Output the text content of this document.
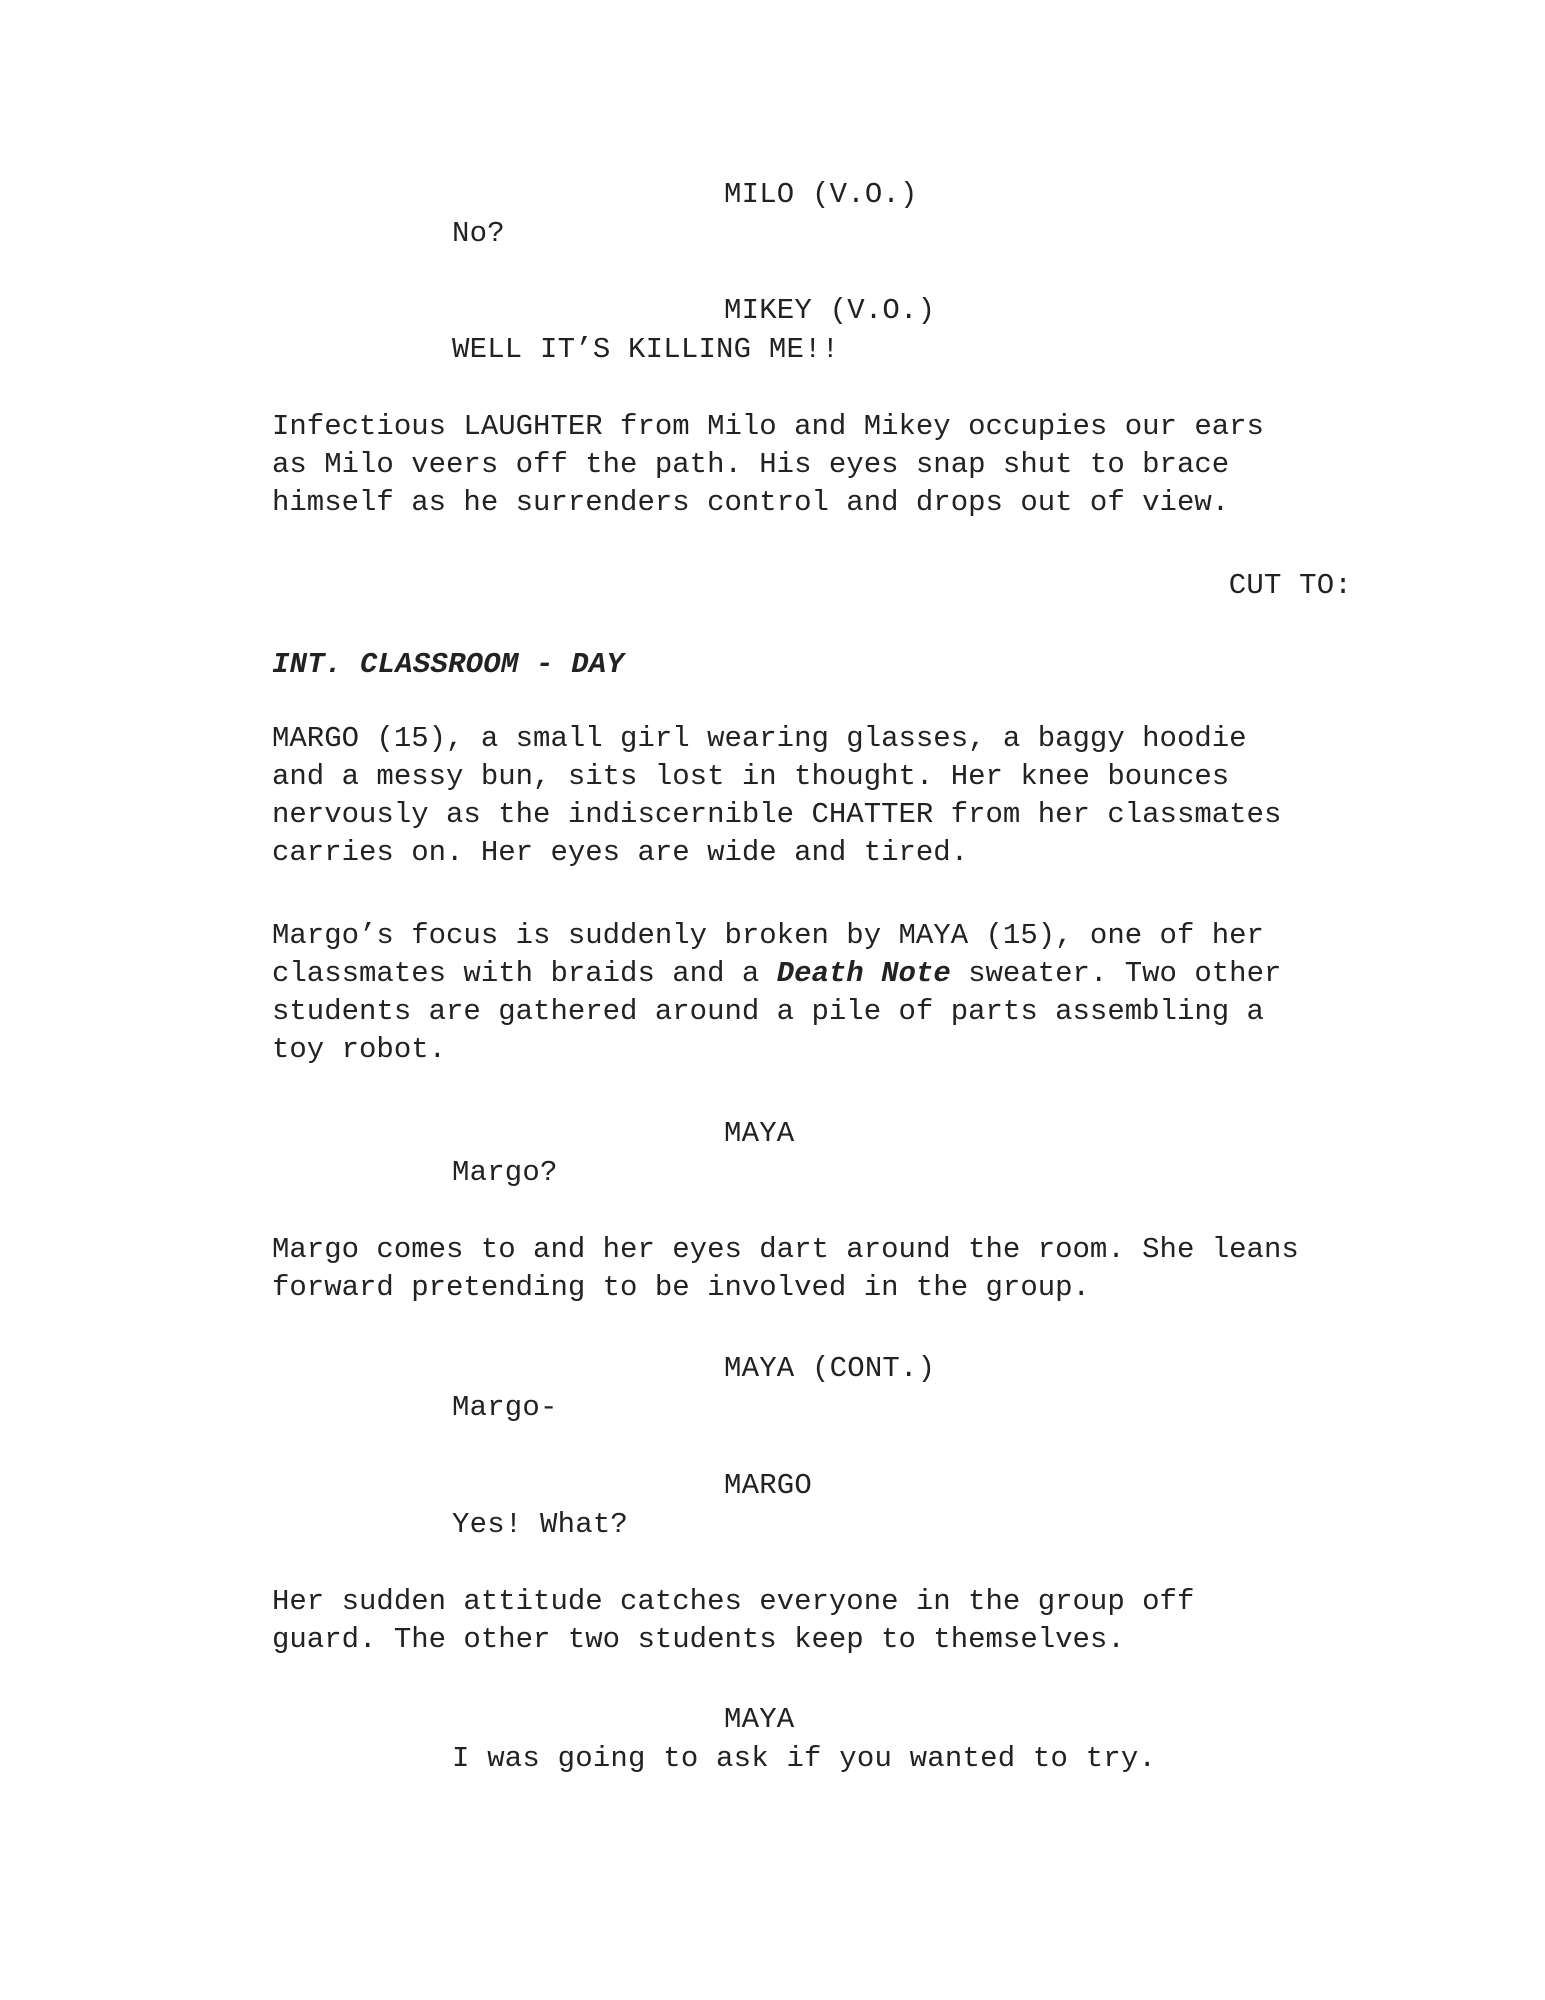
MILO (V.O.)
No?
MIKEY (V.O.)
WELL IT’S KILLING ME!!
Infectious LAUGHTER from Milo and Mikey occupies our ears
as Milo veers off the path. His eyes snap shut to brace
himself as he surrenders control and drops out of view.
CUT TO:
INT. CLASSROOM - DAY
MARGO (15), a small girl wearing glasses, a baggy hoodie
and a messy bun, sits lost in thought. Her knee bounces
nervously as the indiscernible CHATTER from her classmates
carries on. Her eyes are wide and tired.
Margo’s focus is suddenly broken by MAYA (15), one of her
classmates with braids and a Death Note sweater. Two other
students are gathered around a pile of parts assembling a
toy robot.
MAYA
Margo?
Margo comes to and her eyes dart around the room. She leans
forward pretending to be involved in the group.
MAYA (CONT.)
Margo-
MARGO
Yes! What?
Her sudden attitude catches everyone in the group off
guard. The other two students keep to themselves.
MAYA
I was going to ask if you wanted to try.
